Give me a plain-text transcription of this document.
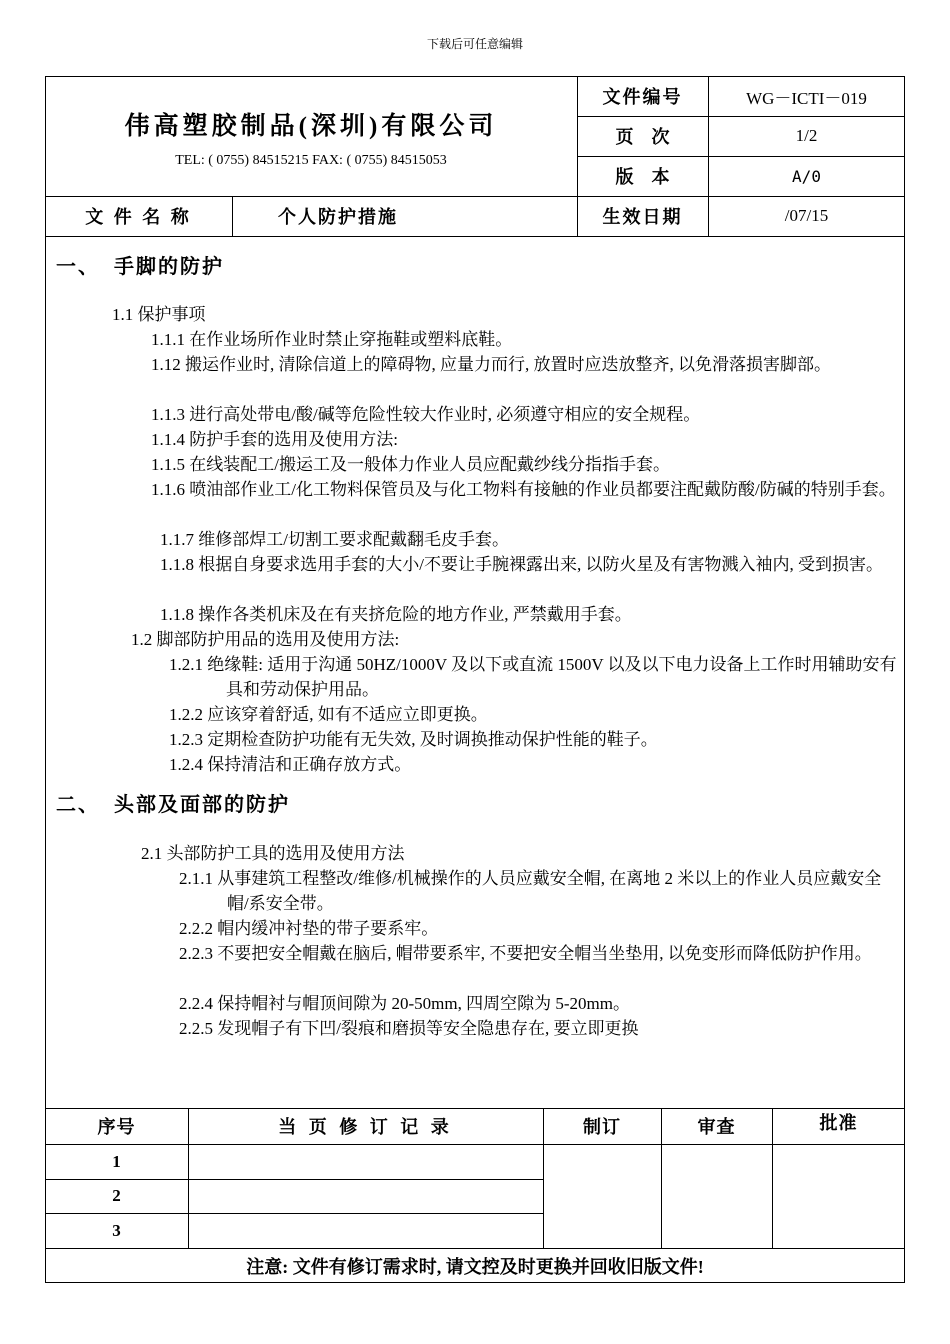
下载后可任意编辑
伟高塑胶制品(深圳)有限公司
TEL: ( 0755) 84515215 FAX: ( 0755) 84515053
文件编号	WG－ICTI－019
页　次	1/2
版　本	A/0
文 件 名 称	个人防护措施	生效日期	/07/15
一、 手脚的防护
1.1 保护事项
1.1.1 在作业场所作业时禁止穿拖鞋或塑料底鞋。
1.12 搬运作业时, 清除信道上的障碍物, 应量力而行, 放置时应迭放整齐, 以免滑落损害脚部。
1.1.3 进行高处带电/酸/碱等危险性较大作业时, 必须遵守相应的安全规程。
1.1.4 防护手套的选用及使用方法:
1.1.5 在线装配工/搬运工及一般体力作业人员应配戴纱线分指指手套。
1.1.6 喷油部作业工/化工物料保管员及与化工物料有接触的作业员都要注配戴防酸/防碱的特别手套。
1.1.7 维修部焊工/切割工要求配戴翻毛皮手套。
1.1.8 根据自身要求选用手套的大小/不要让手腕裸露出来, 以防火星及有害物溅入袖内, 受到损害。
1.1.8 操作各类机床及在有夹挤危险的地方作业, 严禁戴用手套。
1.2 脚部防护用品的选用及使用方法:
1.2.1 绝缘鞋: 适用于沟通 50HZ/1000V 及以下或直流 1500V 以及以下电力设备上工作时用辅助安有具和劳动保护用品。
1.2.2 应该穿着舒适, 如有不适应立即更换。
1.2.3 定期检查防护功能有无失效, 及时调换推动保护性能的鞋子。
1.2.4 保持清洁和正确存放方式。
二、 头部及面部的防护
2.1 头部防护工具的选用及使用方法
2.1.1 从事建筑工程整改/维修/机械操作的人员应戴安全帽, 在离地 2 米以上的作业人员应戴安全帽/系安全带。
2.2.2 帽内缓冲衬垫的带子要系牢。
2.2.3 不要把安全帽戴在脑后, 帽带要系牢, 不要把安全帽当坐垫用, 以免变形而降低防护作用。
2.2.4 保持帽衬与帽顶间隙为 20-50mm, 四周空隙为 5-20mm。
2.2.5 发现帽子有下凹/裂痕和磨损等安全隐患存在, 要立即更换
序号	当 页 修 订 记 录	制订	审查	批准
1
2
3
注意: 文件有修订需求时, 请文控及时更换并回收旧版文件!
